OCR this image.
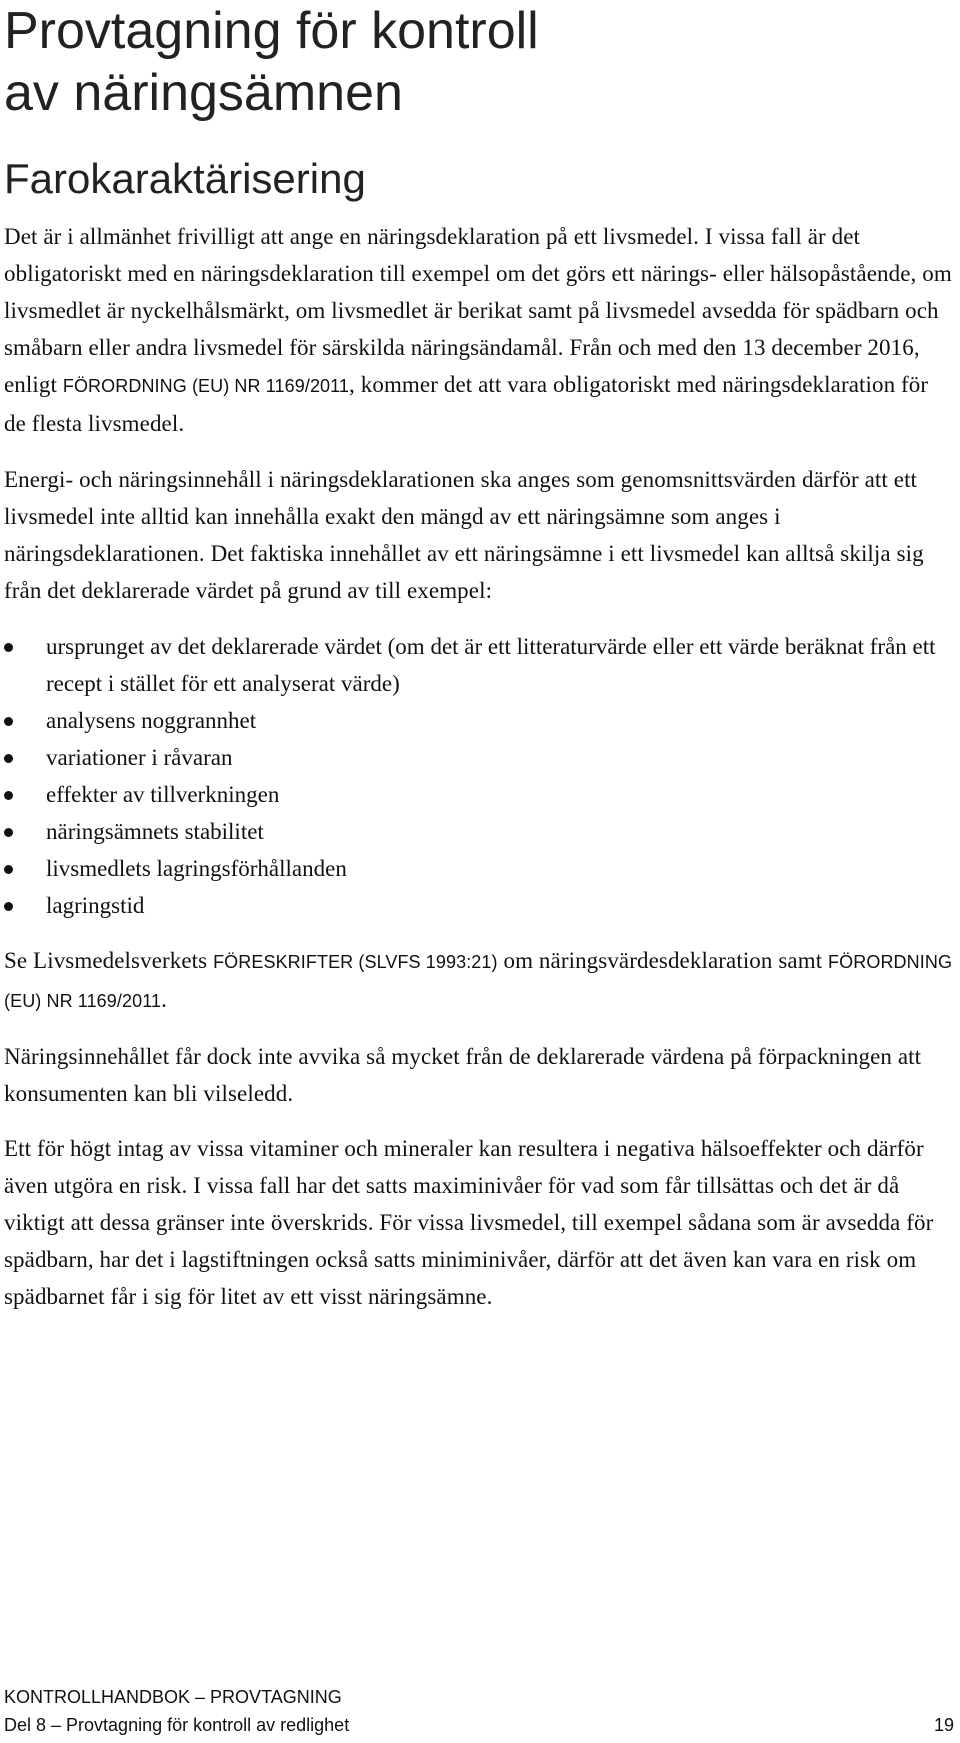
Provtagning för kontroll
av näringsämnen
Farokaraktärisering

Det är i allmänhet frivilligt att ange en näringsdeklaration på ett livsmedel. I vissa fall är det obligatoriskt med en näringsdeklaration till exempel om det görs ett närings- eller hälsopåstående, om livsmedlet är nyckelhålsmärkt, om livsmedlet är berikat samt på livsmedel avsedda för spädbarn och småbarn eller andra livsmedel för särskilda näringsändamål. Från och med den 13 december 2016, enligt FÖRORDNING (EU) NR 1169/2011, kommer det att vara obligatoriskt med näringsdeklaration för de flesta livsmedel.

Energi- och näringsinnehåll i näringsdeklarationen ska anges som genomsnittsvärden därför att ett livsmedel inte alltid kan innehålla exakt den mängd av ett näringsämne som anges i näringsdeklarationen. Det faktiska innehållet av ett näringsämne i ett livsmedel kan alltså skilja sig från det deklarerade värdet på grund av till exempel:

ursprunget av det deklarerade värdet (om det är ett litteraturvärde eller ett värde beräknat från ett recept i stället för ett analyserat värde)
analysens noggrannhet
variationer i råvaran
effekter av tillverkningen
näringsämnets stabilitet
livsmedlets lagringsförhållanden
lagringstid

Se Livsmedelsverkets FÖRESKRIFTER (SLVFS 1993:21) om näringsvärdesdeklaration samt FÖRORDNING (EU) NR 1169/2011.

Näringsinnehållet får dock inte avvika så mycket från de deklarerade värdena på förpackningen att konsumenten kan bli vilseledd.

Ett för högt intag av vissa vitaminer och mineraler kan resultera i negativa hälsoeffekter och därför även utgöra en risk. I vissa fall har det satts maximinivåer för vad som får tillsättas och det är då viktigt att dessa gränser inte överskrids. För vissa livsmedel, till exempel sådana som är avsedda för spädbarn, har det i lagstiftningen också satts miniminivåer, därför att det även kan vara en risk om spädbarnet får i sig för litet av ett visst näringsämne.

KONTROLLHANDBOK – PROVTAGNING
Del 8 – Provtagning för kontroll av redlighet	19
